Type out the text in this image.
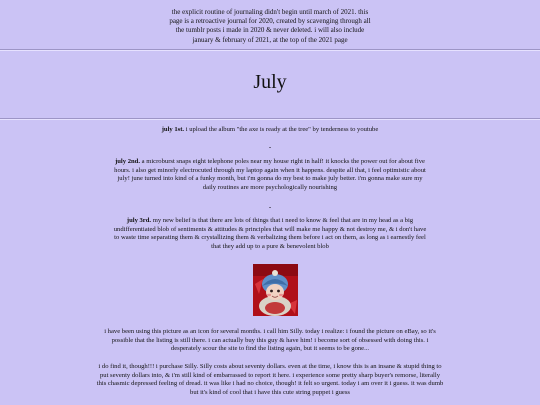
the explicit routine of journaling didn't begin until march of 2021. this
page is a retroactive journal for 2020, created by scavenging through all
the tumblr posts i made in 2020 & never deleted. i will also include
january & february of 2021, at the top of the 2021 page
July
july 1st. i upload the album "the axe is ready at the tree" by tenderness to youtube
-
july 2nd. a microburst snaps eight telephone poles near my house right in half! it knocks the power out for about five hours. i also get minorly electrocuted through my laptop again when it happens. despite all that, i feel optimistic about july! june turned into kind of a funky month, but i'm gonna do my best to make july better. i'm gonna make sure my daily routines are more psychologically nourishing
-
july 3rd. my new belief is that there are lots of things that i need to know & feel that are in my head as a big undifferentiated blob of sentiments & attitudes & principles that will make me happy & not destroy me, & i don't have to waste time separating them & crystallizing them & verbalizing them before i act on them, as long as i earnestly feel that they add up to a pure & benevolent blob
i have been using this picture as an icon for several months. i call him Silly. today i realize: i found the picture on eBay, so it's possible that the listing is still there. i can actually buy this guy & have him! i become sort of obsessed with doing this. i desperately scour the site to find the listing again, but it seems to be gone...
i do find it, though!!! i purchase Silly. Silly costs about seventy dollars. even at the time, i know this is an insane & stupid thing to put seventy dollars into, & i'm still kind of embarrassed to report it here. i experience some pretty sharp buyer's remorse, literally this chasmic depressed feeling of dread. it was like i had no choice, though! it felt so urgent. today i am over it i guess. it was dumb but it's kind of cool that i have this cute string puppet i guess
